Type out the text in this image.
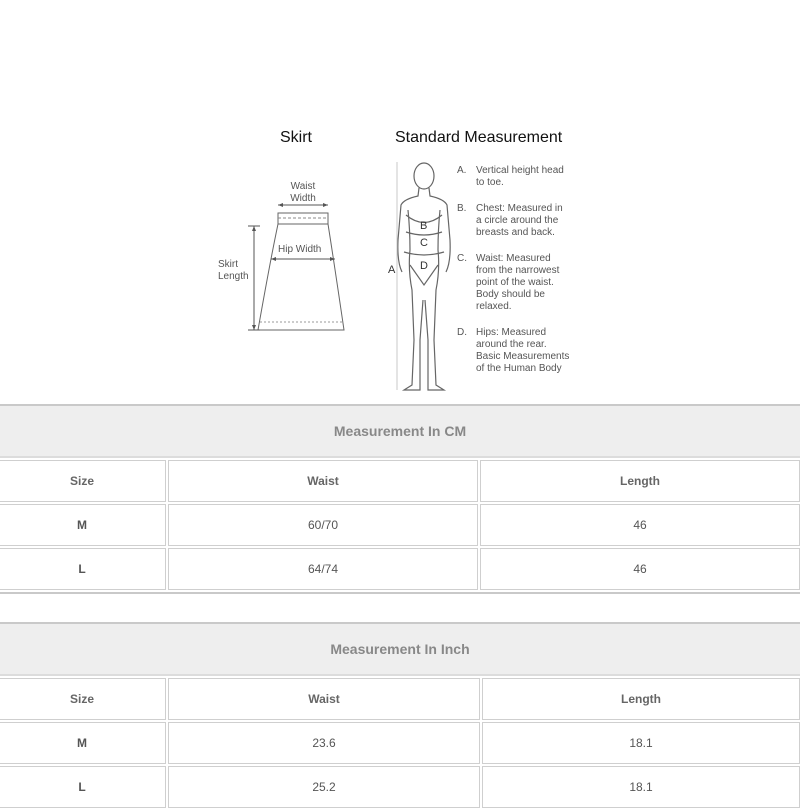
Skirt	Standard Measurement
Waist
Width
Hip Width
Skirt
Length
A
B
C
D
A. Vertical height head
to toe.
B. Chest: Measured in
a circle around the
breasts and back.
C. Waist: Measured
from the narrowest
point of the waist.
Body should be
relaxed.
D. Hips: Measured
around the rear.
Basic Measurements
of the Human Body
Measurement In CM
Size	Waist	Length
M	60/70	46
L	64/74	46
Measurement In Inch
Size	Waist	Length
M	23.6	18.1
L	25.2	18.1
